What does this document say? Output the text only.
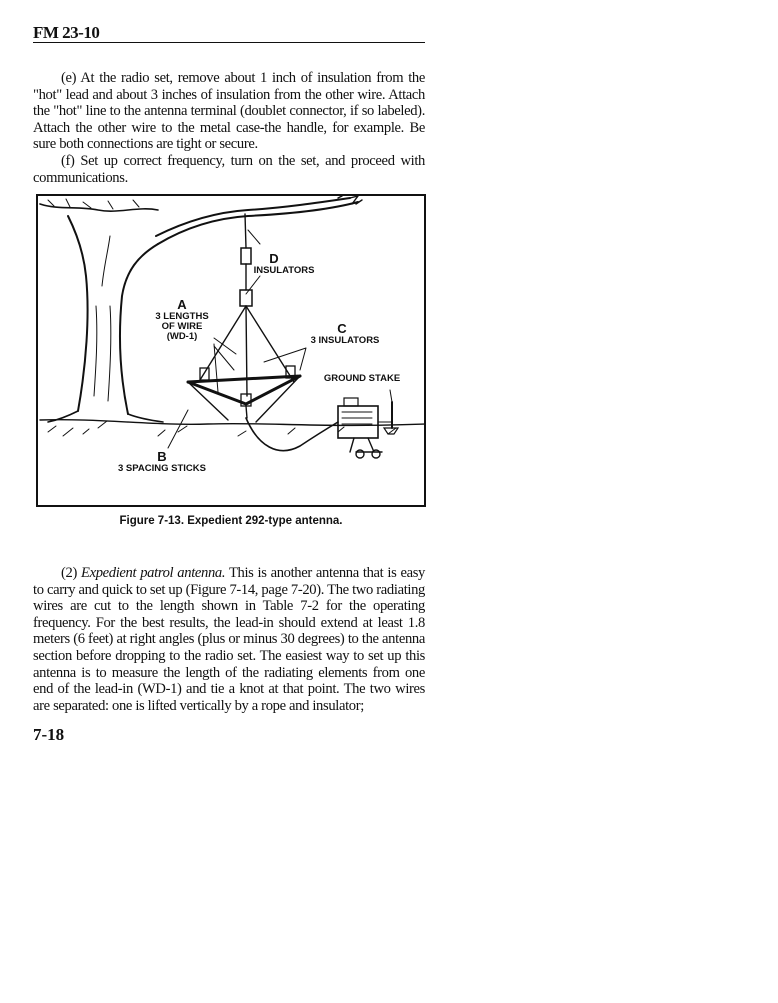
FM 23-10

(e) At the radio set, remove about 1 inch of insulation from the "hot" lead and about 3 inches of insulation from the other wire. Attach the "hot" line to the antenna terminal (doublet connector, if so labeled). Attach the other wire to the metal case-the handle, for example. Be sure both connections are tight or secure.

(f) Set up correct frequency, turn on the set, and proceed with communications.

D
INSULATORS
A
3 LENGTHS
OF WIRE
(WD-1)
C
3 INSULATORS
GROUND STAKE
B
3 SPACING STICKS
Figure 7-13. Expedient 292-type antenna.

(2) Expedient patrol antenna. This is another antenna that is easy to carry and quick to set up (Figure 7-14, page 7-20). The two radiating wires are cut to the length shown in Table 7-2 for the operating frequency. For the best results, the lead-in should extend at least 1.8 meters (6 feet) at right angles (plus or minus 30 degrees) to the antenna section before dropping to the radio set. The easiest way to set up this antenna is to measure the length of the radiating elements from one end of the lead-in (WD-1) and tie a knot at that point. The two wires are separated: one is lifted vertically by a rope and insulator;

7-18
